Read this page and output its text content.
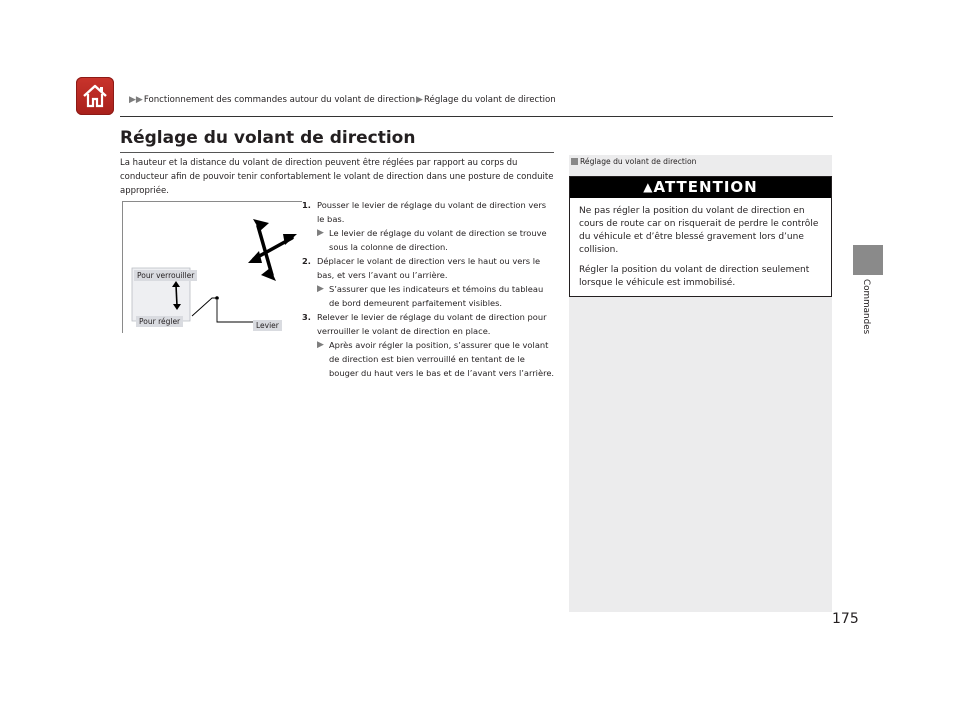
▶▶Fonctionnement des commandes autour du volant de direction▶Réglage du volant de direction
Réglage du volant de direction
La hauteur et la distance du volant de direction peuvent être réglées par rapport au corps du conducteur afin de pouvoir tenir confortablement le volant de direction dans une posture de conduite appropriée.
Pour verrouiller
Pour régler	Levier
1. Pousser le levier de réglage du volant de direction vers le bas.
▶ Le levier de réglage du volant de direction se trouve sous la colonne de direction.
2. Déplacer le volant de direction vers le haut ou vers le bas, et vers l’avant ou l’arrière.
▶ S’assurer que les indicateurs et témoins du tableau de bord demeurent parfaitement visibles.
3. Relever le levier de réglage du volant de direction pour verrouiller le volant de direction en place.
▶ Après avoir régler la position, s’assurer que le volant de direction est bien verrouillé en tentant de le bouger du haut vers le bas et de l’avant vers l’arrière.
Réglage du volant de direction
▲ATTENTION

Ne pas régler la position du volant de direction en cours de route car on risquerait de perdre le contrôle du véhicule et d’être blessé gravement lors d’une collision.

Régler la position du volant de direction seulement lorsque le véhicule est immobilisé.	Commandes
175
